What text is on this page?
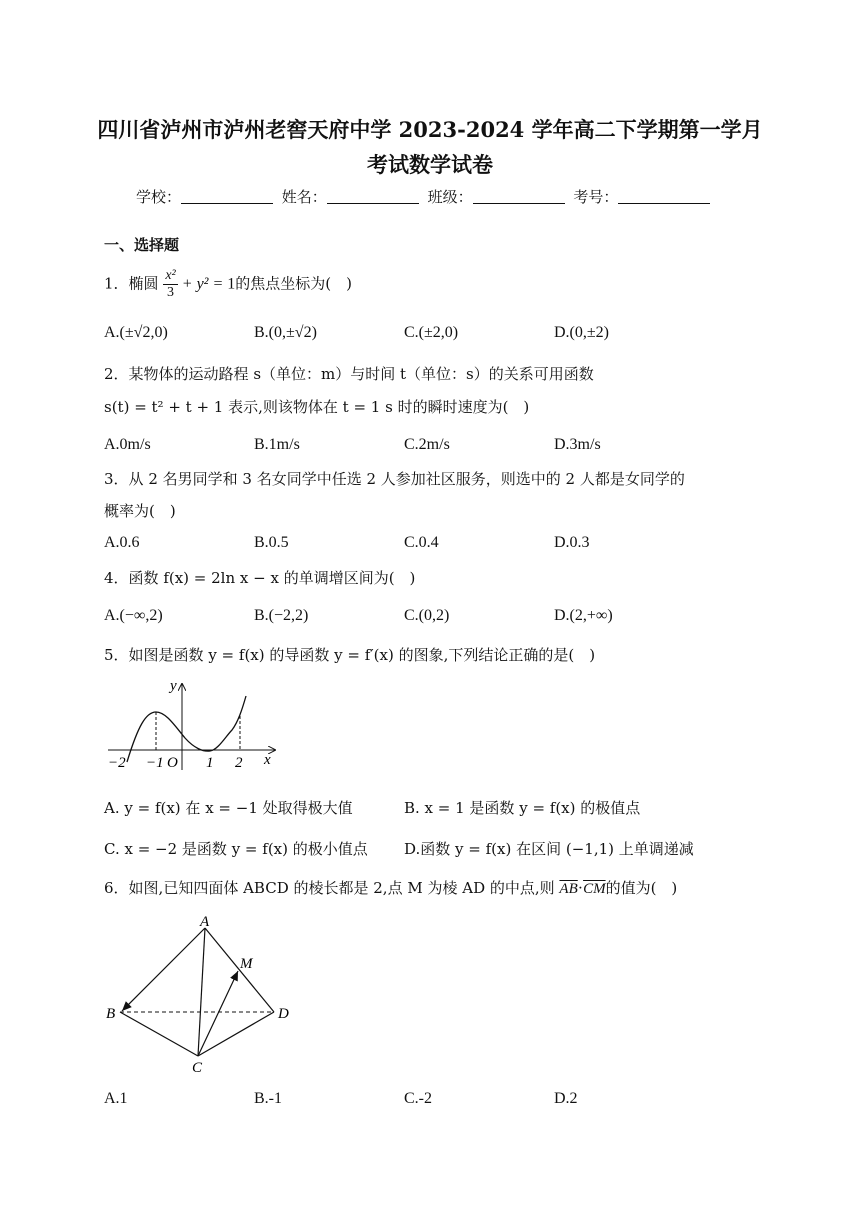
四川省泸州市泸州老窖天府中学 2023-2024 学年高二下学期第一学月
考试数学试卷
学校：	姓名：	班级：	考号：
一、选择题
1．椭圆 $\frac{\text{x²}}{3} + y^2 = 1$的焦点坐标为(　)
A.(±√2,0)	B.(0,±√2)	C.(±2,0)	D.(0,±2)
2．某物体的运动路程 s（单位：m）与时间 t（单位：s）的关系可用函数
s(t) = t² + t + 1 表示,则该物体在 t = 1 s 时的瞬时速度为(　)
A.0m/s	B.1m/s	C.2m/s	D.3m/s
3．从 2 名男同学和 3 名女同学中任选 2 人参加社区服务，则选中的 2 人都是女同学的
概率为(　)
A.0.6	B.0.5	C.0.4	D.0.3
4．函数 f(x) = 2ln x − x 的单调增区间为(　)
A.(−∞,2)	B.(−2,2)	C.(0,2)	D.(2,+∞)
5．如图是函数 y = f(x) 的导函数 y = f′(x) 的图象,下列结论正确的是(　)
y
x
O
−2 −1	1 2
A. y = f(x) 在 x = −1 处取得极大值	B. x = 1 是函数 y = f(x) 的极值点
C. x = −2 是函数 y = f(x) 的极小值点 D.函数 y = f(x) 在区间 (−1,1) 上单调递减
6．如图,已知四面体 ABCD 的棱长都是 2,点 M 为棱 AD 的中点,则 $\overline{AB}\cdot\overline{CM}$的值为(　)
A
B
C
D
M
A.1	B.-1	C.-2	D.2
